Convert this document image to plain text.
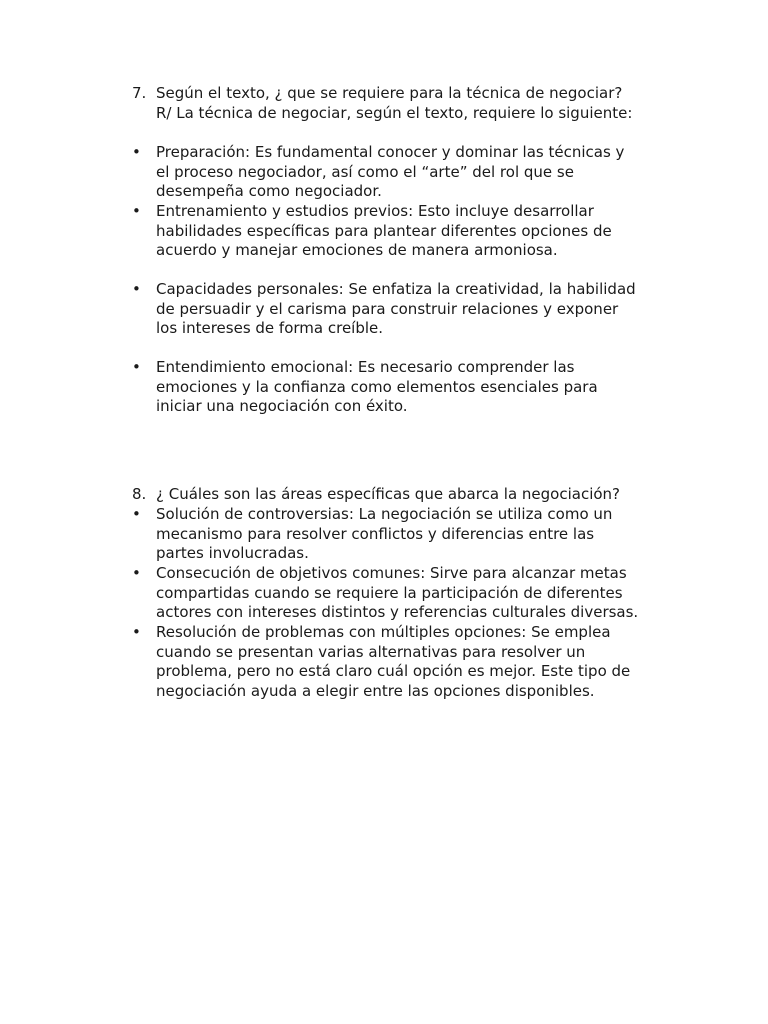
7. Según el texto, ¿ que se requiere para la técnica de negociar?
R/ La técnica de negociar, según el texto, requiere lo siguiente:
•	Preparación: Es fundamental conocer y dominar las técnicas y
el proceso negociador, así como el “arte” del rol que se
desempeña como negociador.
•	Entrenamiento y estudios previos: Esto incluye desarrollar
habilidades específicas para plantear diferentes opciones de
acuerdo y manejar emociones de manera armoniosa.
•	Capacidades personales: Se enfatiza la creatividad, la habilidad
de persuadir y el carisma para construir relaciones y exponer
los intereses de forma creíble.
•	Entendimiento emocional: Es necesario comprender las
emociones y la confianza como elementos esenciales para
iniciar una negociación con éxito.
8. ¿ Cuáles son las áreas específicas que abarca la negociación?
•	Solución de controversias: La negociación se utiliza como un
mecanismo para resolver conflictos y diferencias entre las
partes involucradas.
•	Consecución de objetivos comunes: Sirve para alcanzar metas
compartidas cuando se requiere la participación de diferentes
actores con intereses distintos y referencias culturales diversas.
•	Resolución de problemas con múltiples opciones: Se emplea
cuando se presentan varias alternativas para resolver un
problema, pero no está claro cuál opción es mejor. Este tipo de
negociación ayuda a elegir entre las opciones disponibles.
